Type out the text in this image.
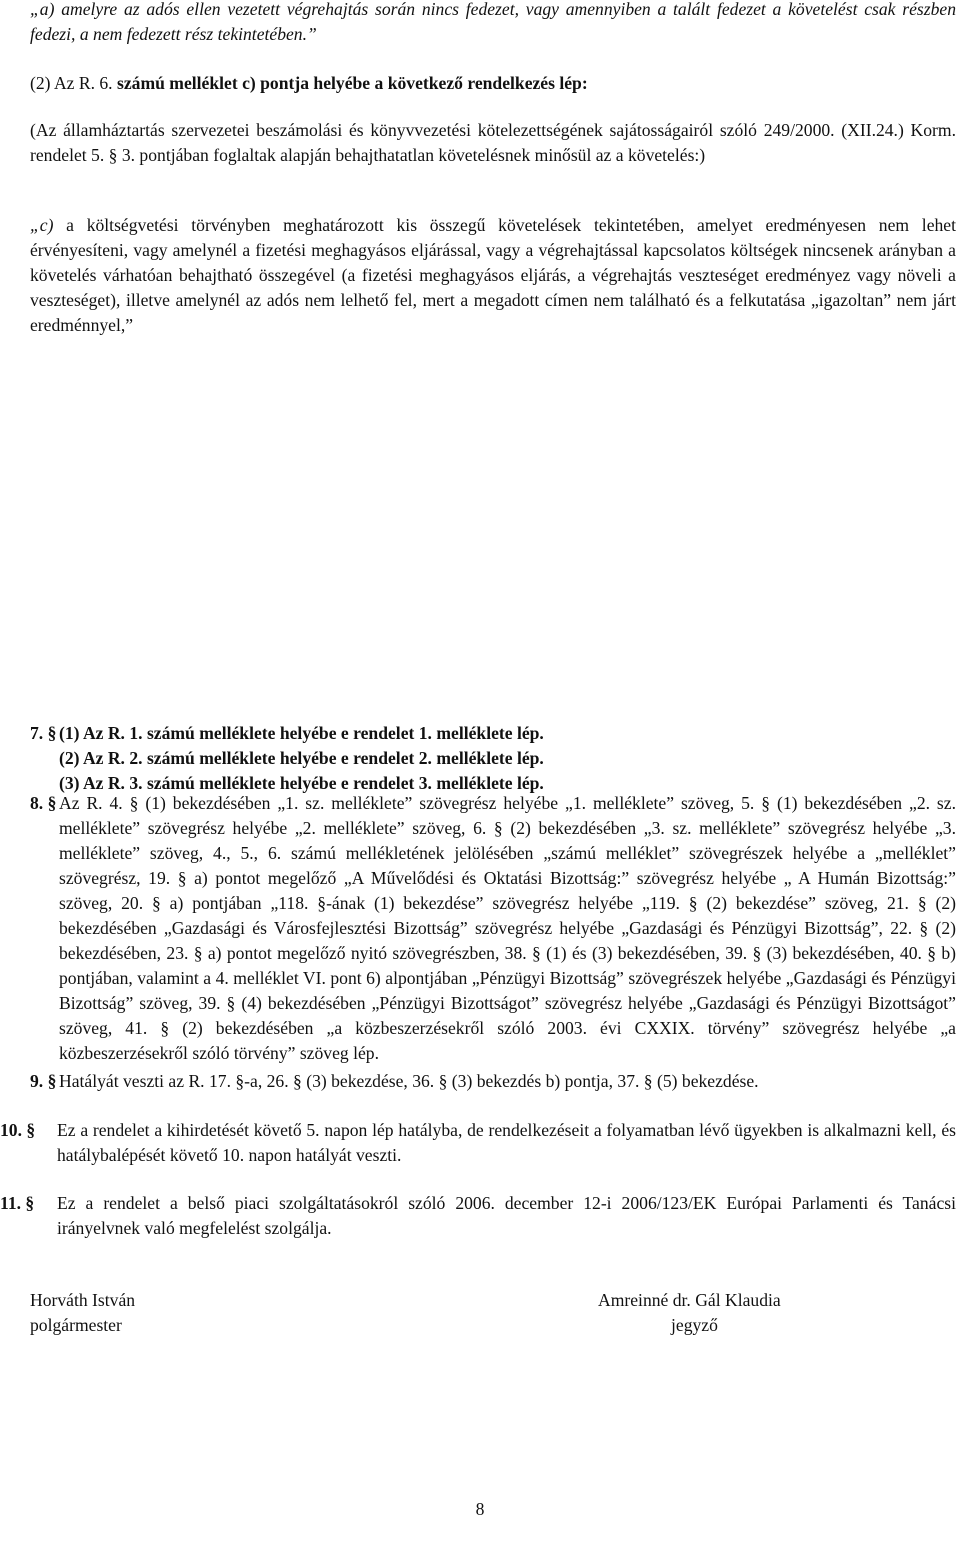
„a) amelyre az adós ellen vezetett végrehajtás során nincs fedezet, vagy amennyiben a talált fedezet a követelést csak részben fedezi, a nem fedezett rész tekintetében.”

(2) Az R. 6. számú melléklet c) pontja helyébe a következő rendelkezés lép:

(Az államháztartás szervezetei beszámolási és könyvvezetési kötelezettségének sajátosságairól szóló 249/2000. (XII.24.) Korm. rendelet 5. § 3. pontjában foglaltak alapján behajthatatlan követelésnek minősül az a követelés:)

„c) a költségvetési törvényben meghatározott kis összegű követelések tekintetében, amelyet eredményesen nem lehet érvényesíteni, vagy amelynél a fizetési meghagyásos eljárással, vagy a végrehajtással kapcsolatos költségek nincsenek arányban a követelés várhatóan behajtható összegével (a fizetési meghagyásos eljárás, a végrehajtás veszteséget eredményez vagy növeli a veszteséget), illetve amelynél az adós nem lelhető fel, mert a megadott címen nem található és a felkutatása „igazoltan” nem járt eredménnyel,”

7. § (1) Az R. 1. számú melléklete helyébe e rendelet 1. melléklete lép.
(2) Az R. 2. számú melléklete helyébe e rendelet 2. melléklete lép.
(3) Az R. 3. számú melléklete helyébe e rendelet 3. melléklete lép.
8. § Az R. 4. § (1) bekezdésében „1. sz. melléklete” szövegrész helyébe „1. melléklete” szöveg, 5. § (1) bekezdésében „2. sz. melléklete” szövegrész helyébe „2. melléklete” szöveg, 6. § (2) bekezdésében „3. sz. melléklete” szövegrész helyébe „3. melléklete” szöveg, 4., 5., 6. számú mellékletének jelölésében „számú melléklet” szövegrészek helyébe a „melléklet” szövegrész, 19. § a) pontot megelőző „A Művelődési és Oktatási Bizottság:” szövegrész helyébe „ A Humán Bizottság:” szöveg, 20. § a) pontjában „118. §-ának (1) bekezdése” szövegrész helyébe „119. § (2) bekezdése” szöveg, 21. § (2) bekezdésében „Gazdasági és Városfejlesztési Bizottság” szövegrész helyébe „Gazdasági és Pénzügyi Bizottság”, 22. § (2) bekezdésében, 23. § a) pontot megelőző nyitó szövegrészben, 38. § (1) és (3) bekezdésében, 39. § (3) bekezdésében, 40. § b) pontjában, valamint a 4. melléklet VI. pont 6) alpontjában „Pénzügyi Bizottság” szövegrészek helyébe „Gazdasági és Pénzügyi Bizottság” szöveg, 39. § (4) bekezdésében „Pénzügyi Bizottságot” szövegrész helyébe „Gazdasági és Pénzügyi Bizottságot” szöveg, 41. § (2) bekezdésében „a közbeszerzésekről szóló 2003. évi CXXIX. törvény” szövegrész helyébe „a közbeszerzésekről szóló törvény” szöveg lép.
9. § Hatályát veszti az R. 17. §-a, 26. § (3) bekezdése, 36. § (3) bekezdés b) pontja, 37. § (5) bekezdése.
10. §	Ez a rendelet a kihirdetését követő 5. napon lép hatályba, de rendelkezéseit a folyamatban lévő ügyekben is alkalmazni kell, és hatálybalépését követő 10. napon hatályát veszti.
11. §	Ez a rendelet a belső piaci szolgáltatásokról szóló 2006. december 12-i 2006/123/EK Európai Parlamenti és Tanácsi irányelvnek való megfelelést szolgálja.
Horváth István
polgármester
Amreinné dr. Gál Klaudia
jegyző
8
